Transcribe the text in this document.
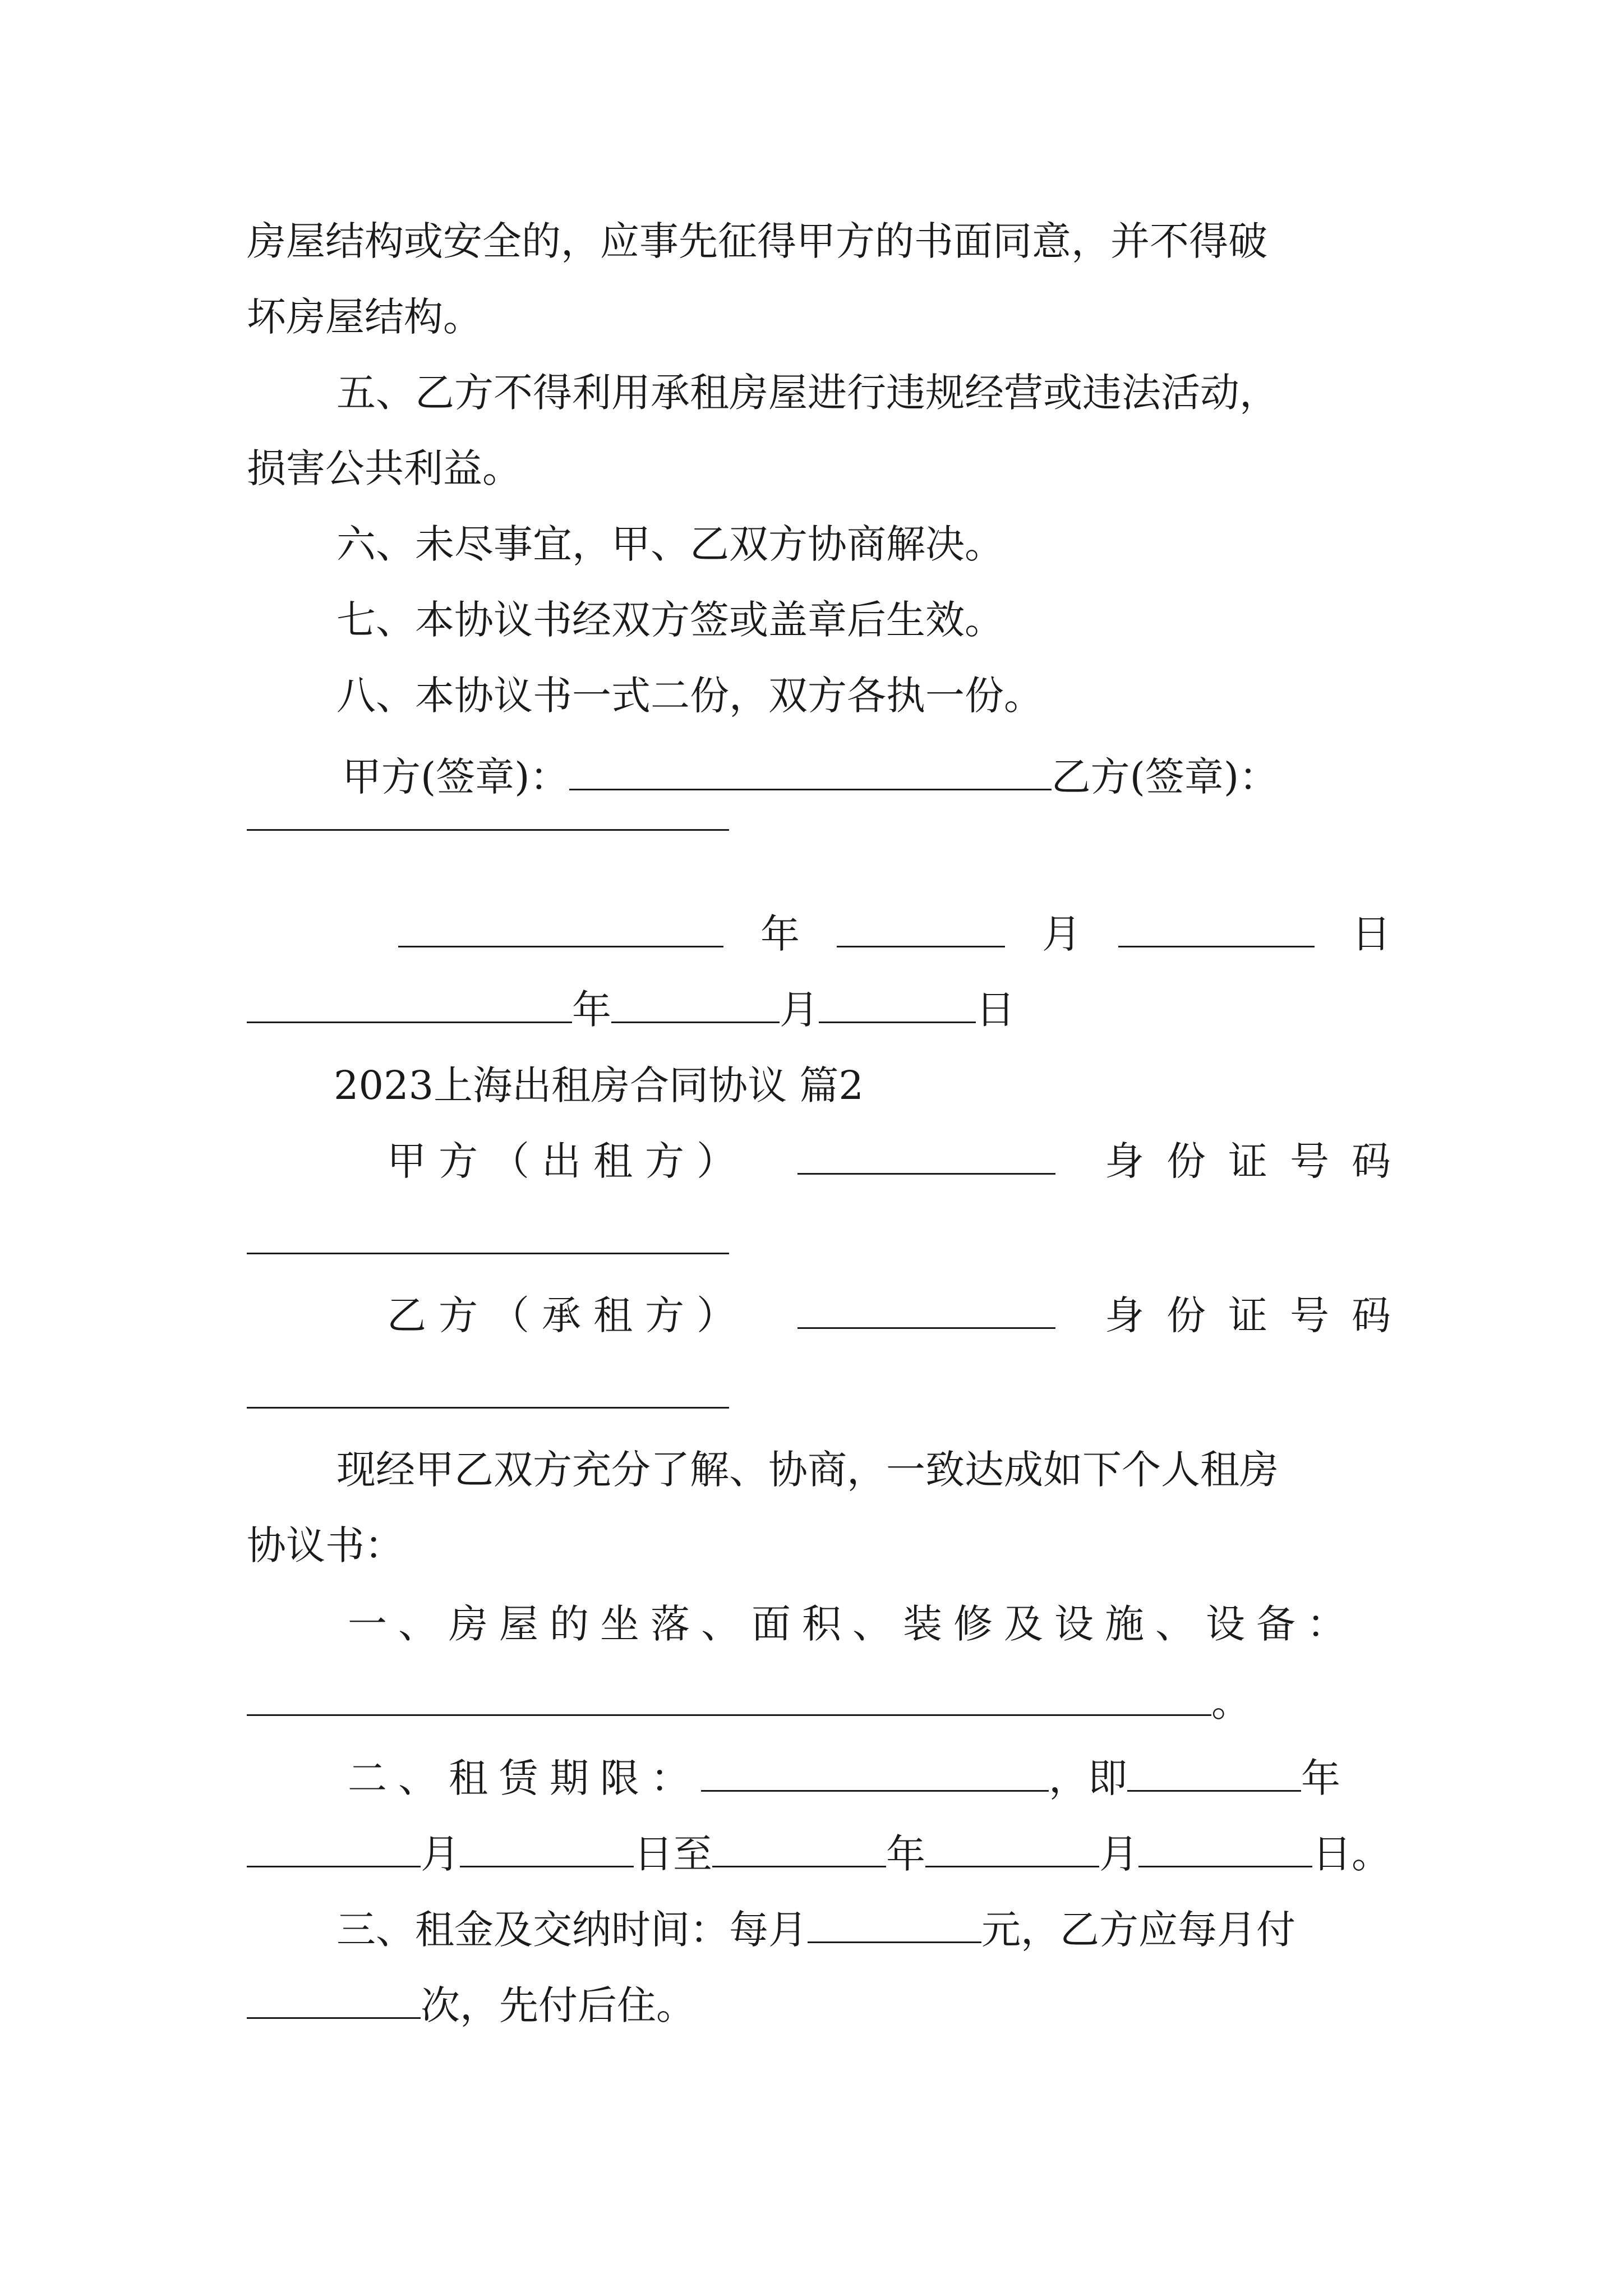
房屋结构或安全的，应事先征得甲方的书面同意，并不得破
坏房屋结构。
五、乙方不得利用承租房屋进行违规经营或违法活动，
损害公共利益。
六、未尽事宜，甲、乙双方协商解决。
七、本协议书经双方签或盖章后生效。
八、本协议书一式二份，双方各执一份。
甲方(签章)：	乙方(签章)：
年	月	日
年	月	日
2023上海出租房合同协议 篇2
甲方（出租方）	身份证号码
乙方（承租方）	身份证号码
现经甲乙双方充分了解、协商，一致达成如下个人租房
协议书：
一、房屋的坐落、面积、装修及设施、设备：
。
二、租赁期限：	，即	年
月	日至	年	月	日。
三、租金及交纳时间：每月	元，乙方应每月付
次，先付后住。
